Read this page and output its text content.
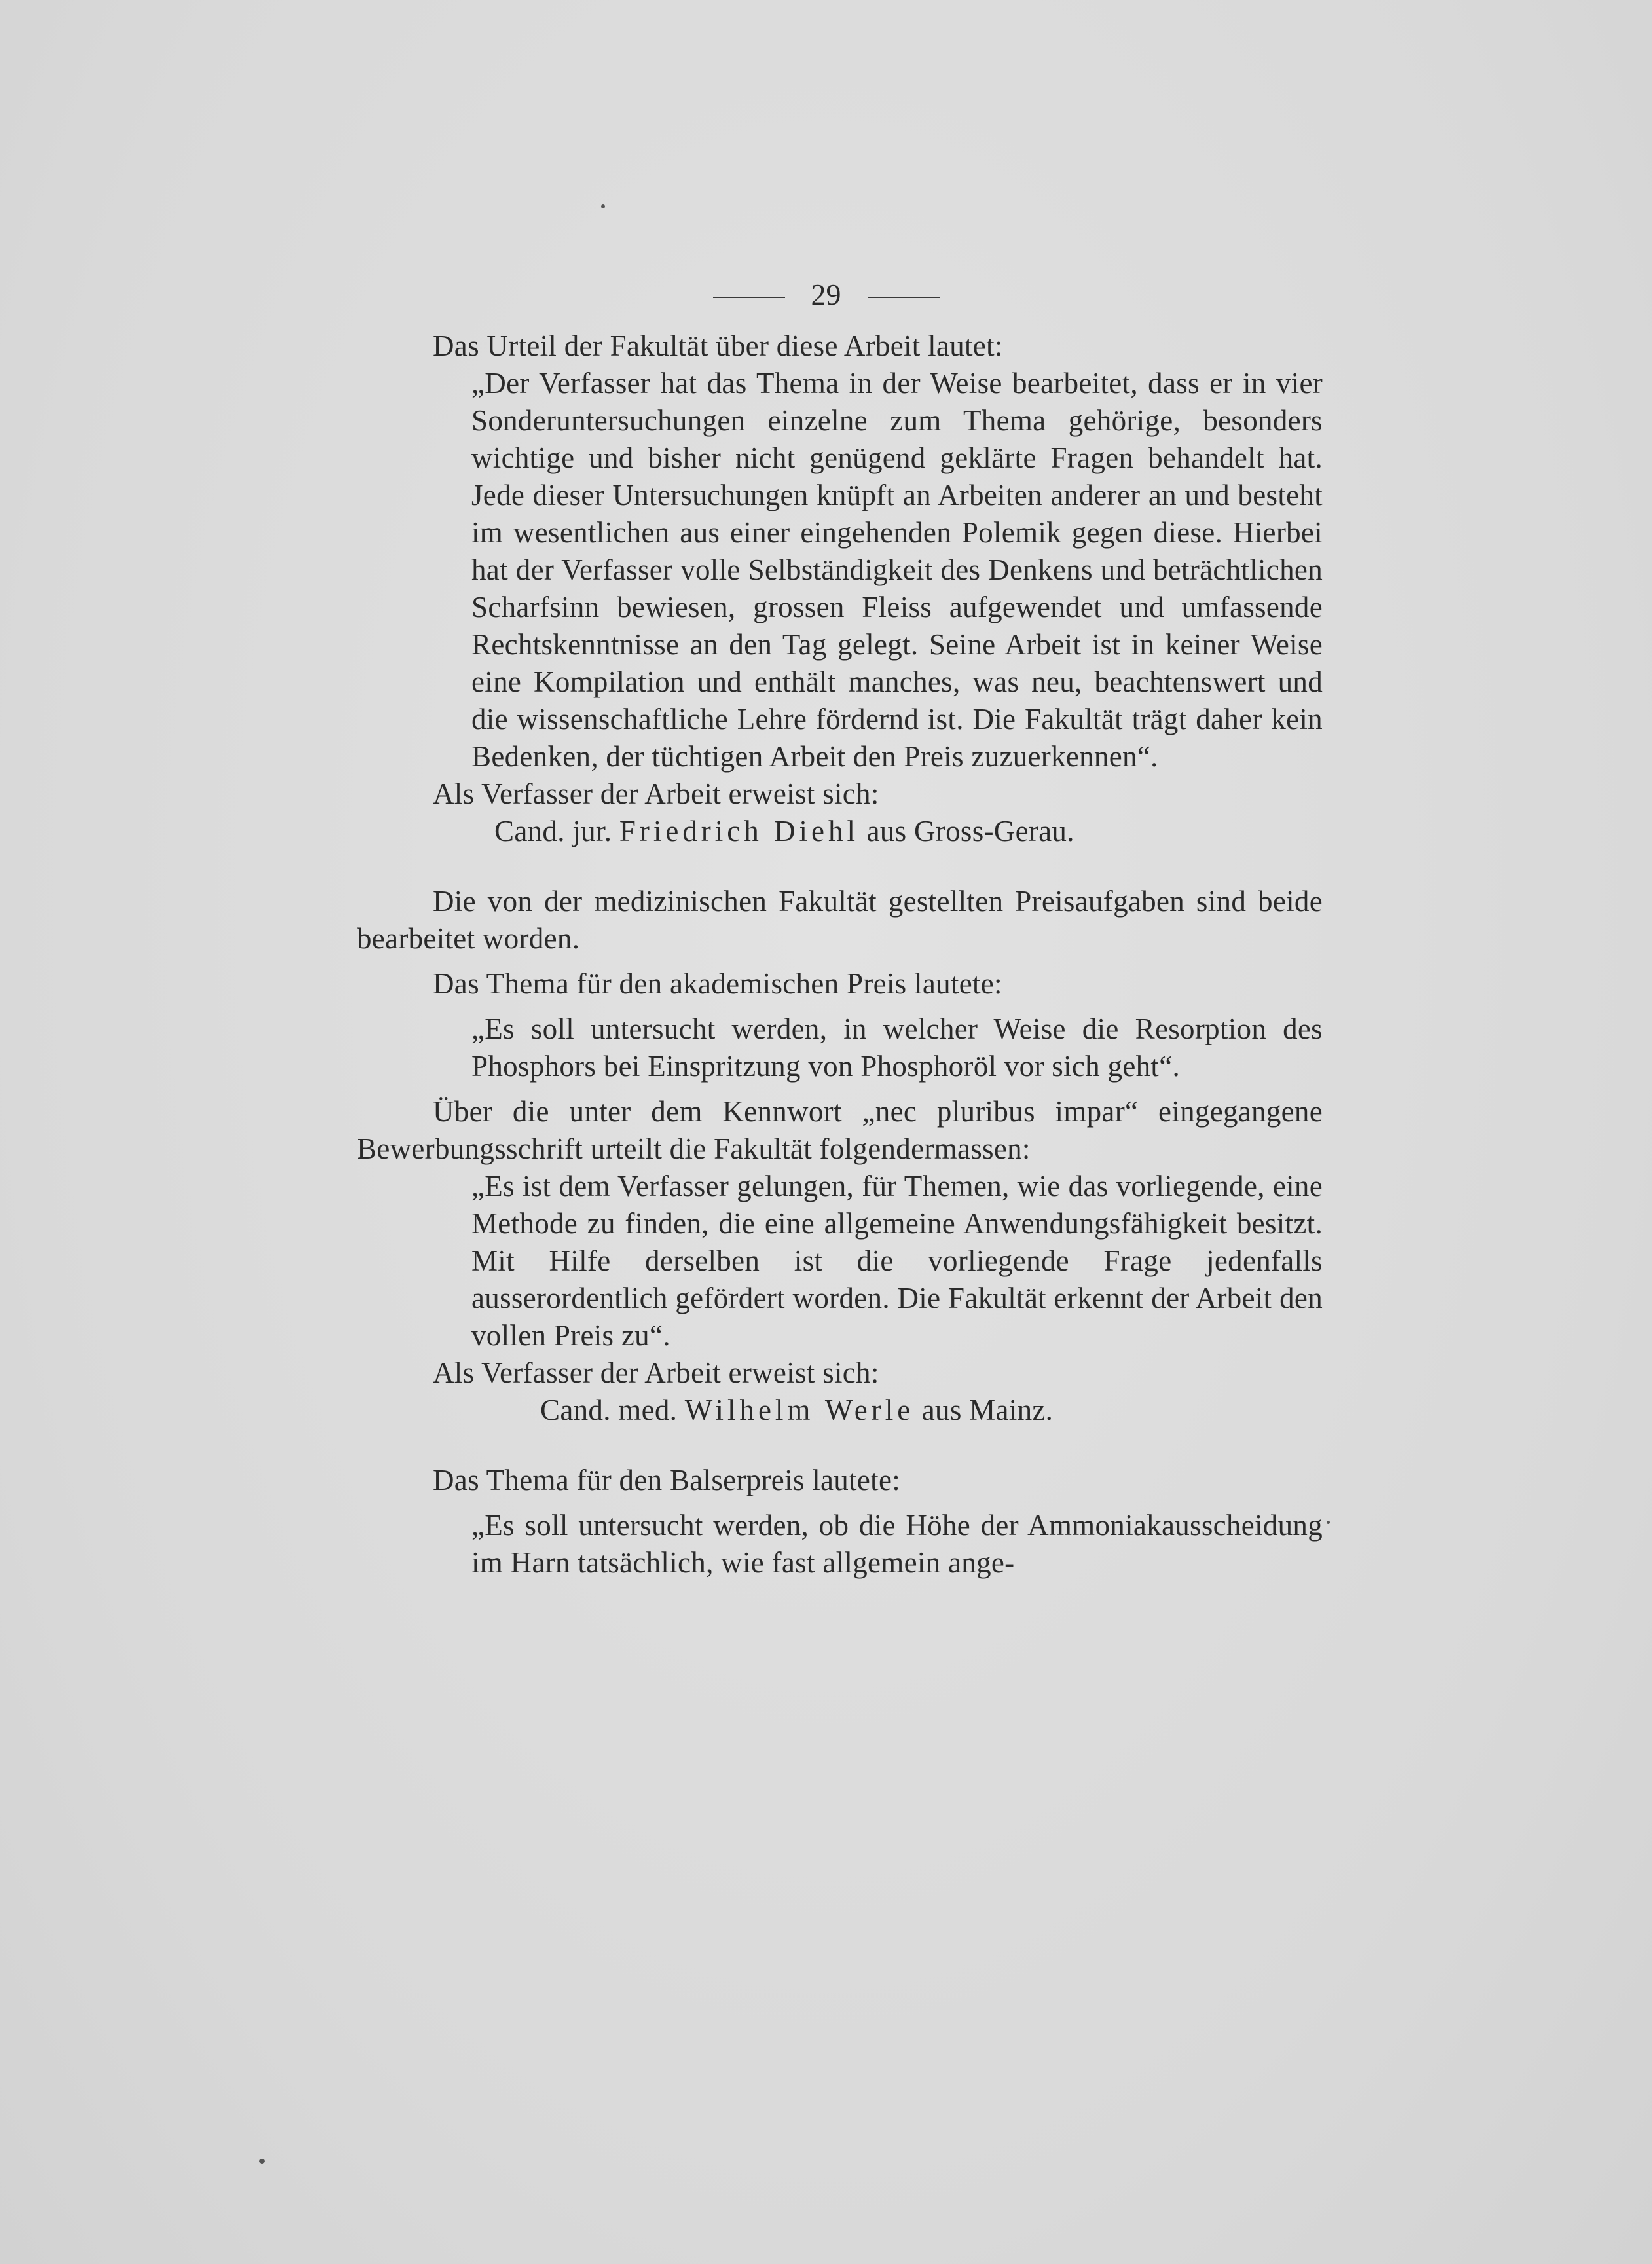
29

Das Urteil der Fakultät über diese Arbeit lautet:

„Der Verfasser hat das Thema in der Weise bearbeitet, dass er in vier Sonderuntersuchungen einzelne zum Thema gehörige, besonders wichtige und bisher nicht genügend geklärte Fragen behandelt hat. Jede dieser Untersuchungen knüpft an Arbeiten anderer an und besteht im wesentlichen aus einer eingehenden Polemik gegen diese. Hierbei hat der Verfasser volle Selbständigkeit des Denkens und beträchtlichen Scharfsinn bewiesen, grossen Fleiss aufgewendet und umfassende Rechtskenntnisse an den Tag gelegt. Seine Arbeit ist in keiner Weise eine Kompilation und enthält manches, was neu, beachtenswert und die wissenschaftliche Lehre fördernd ist. Die Fakultät trägt daher kein Bedenken, der tüchtigen Arbeit den Preis zuzuerkennen“.

Als Verfasser der Arbeit erweist sich:

Cand. jur. Friedrich Diehl aus Gross-Gerau.

Die von der medizinischen Fakultät gestellten Preisaufgaben sind beide bearbeitet worden.

Das Thema für den akademischen Preis lautete:

„Es soll untersucht werden, in welcher Weise die Resorption des Phosphors bei Einspritzung von Phosphoröl vor sich geht“.

Über die unter dem Kennwort „nec pluribus impar“ eingegangene Bewerbungsschrift urteilt die Fakultät folgendermassen:

„Es ist dem Verfasser gelungen, für Themen, wie das vorliegende, eine Methode zu finden, die eine allgemeine Anwendungsfähigkeit besitzt. Mit Hilfe derselben ist die vorliegende Frage jedenfalls ausserordentlich gefördert worden. Die Fakultät erkennt der Arbeit den vollen Preis zu“.

Als Verfasser der Arbeit erweist sich:

Cand. med. Wilhelm Werle aus Mainz.

Das Thema für den Balserpreis lautete:

„Es soll untersucht werden, ob die Höhe der Ammoniakausscheidung im Harn tatsächlich, wie fast allgemein ange-
